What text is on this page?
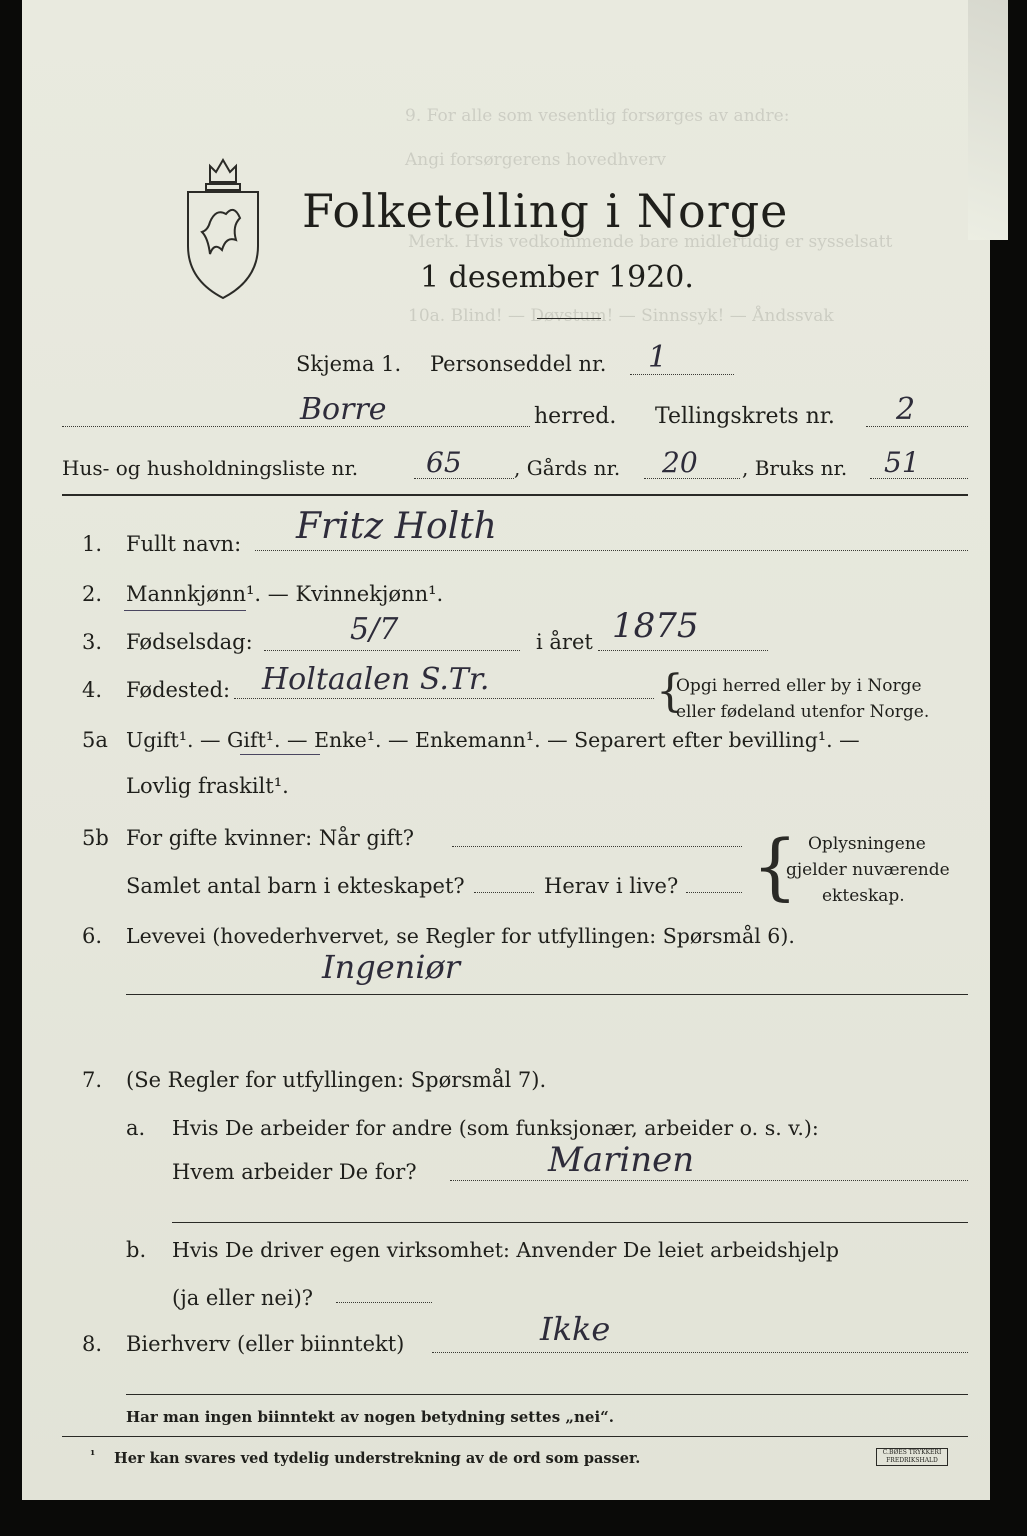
9. For alle som vesentlig forsørges av andre:
Angi forsørgerens hovedhverv
Merk. Hvis vedkommende bare midlertidig er sysselsatt
10a. Blind! — Døvstum! — Sinnssyk! — Åndssvak
Folketelling i Norge
1 desember 1920.
Skjema 1. Personseddel nr. 1
Borre	herred. Tellingskrets nr. 2
Hus- og husholdningsliste nr. 65	, Gårds nr. 20 , Bruks nr. 51
1. Fullt navn: Fritz Holth
2. Mannkjønn¹. — Kvinnekjønn¹.
3. Fødselsdag:	5/7	i året 1875
4. Fødested: Holtaalen S.Tr.	{
Opgi herred eller by i Norge
eller fødeland utenfor Norge.
5a Ugift¹. — Gift¹. — Enke¹. — Enkemann¹. — Separert efter bevilling¹. —
Lovlig fraskilt¹.
5b For gifte kvinner: Når gift?
Samlet antal barn i ekteskapet?	Herav i live? { Oplysningene
gjelder nuværende
ekteskap.
6. Levevei (hovederhvervet, se Regler for utfyllingen: Spørsmål 6).
Ingeniør
7. (Se Regler for utfyllingen: Spørsmål 7).
a. Hvis De arbeider for andre (som funksjonær, arbeider o. s. v.):
Hvem arbeider De for?	Marinen
b. Hvis De driver egen virksomhet: Anvender De leiet arbeidshjelp
(ja eller nei)?
8. Bierhverv (eller biinntekt)	Ikke
Har man ingen biinntekt av nogen betydning settes „nei“.
¹ Her kan svares ved tydelig understrekning av de ord som passer.	C.BØES TRYKKERI FREDRIKSHALD
